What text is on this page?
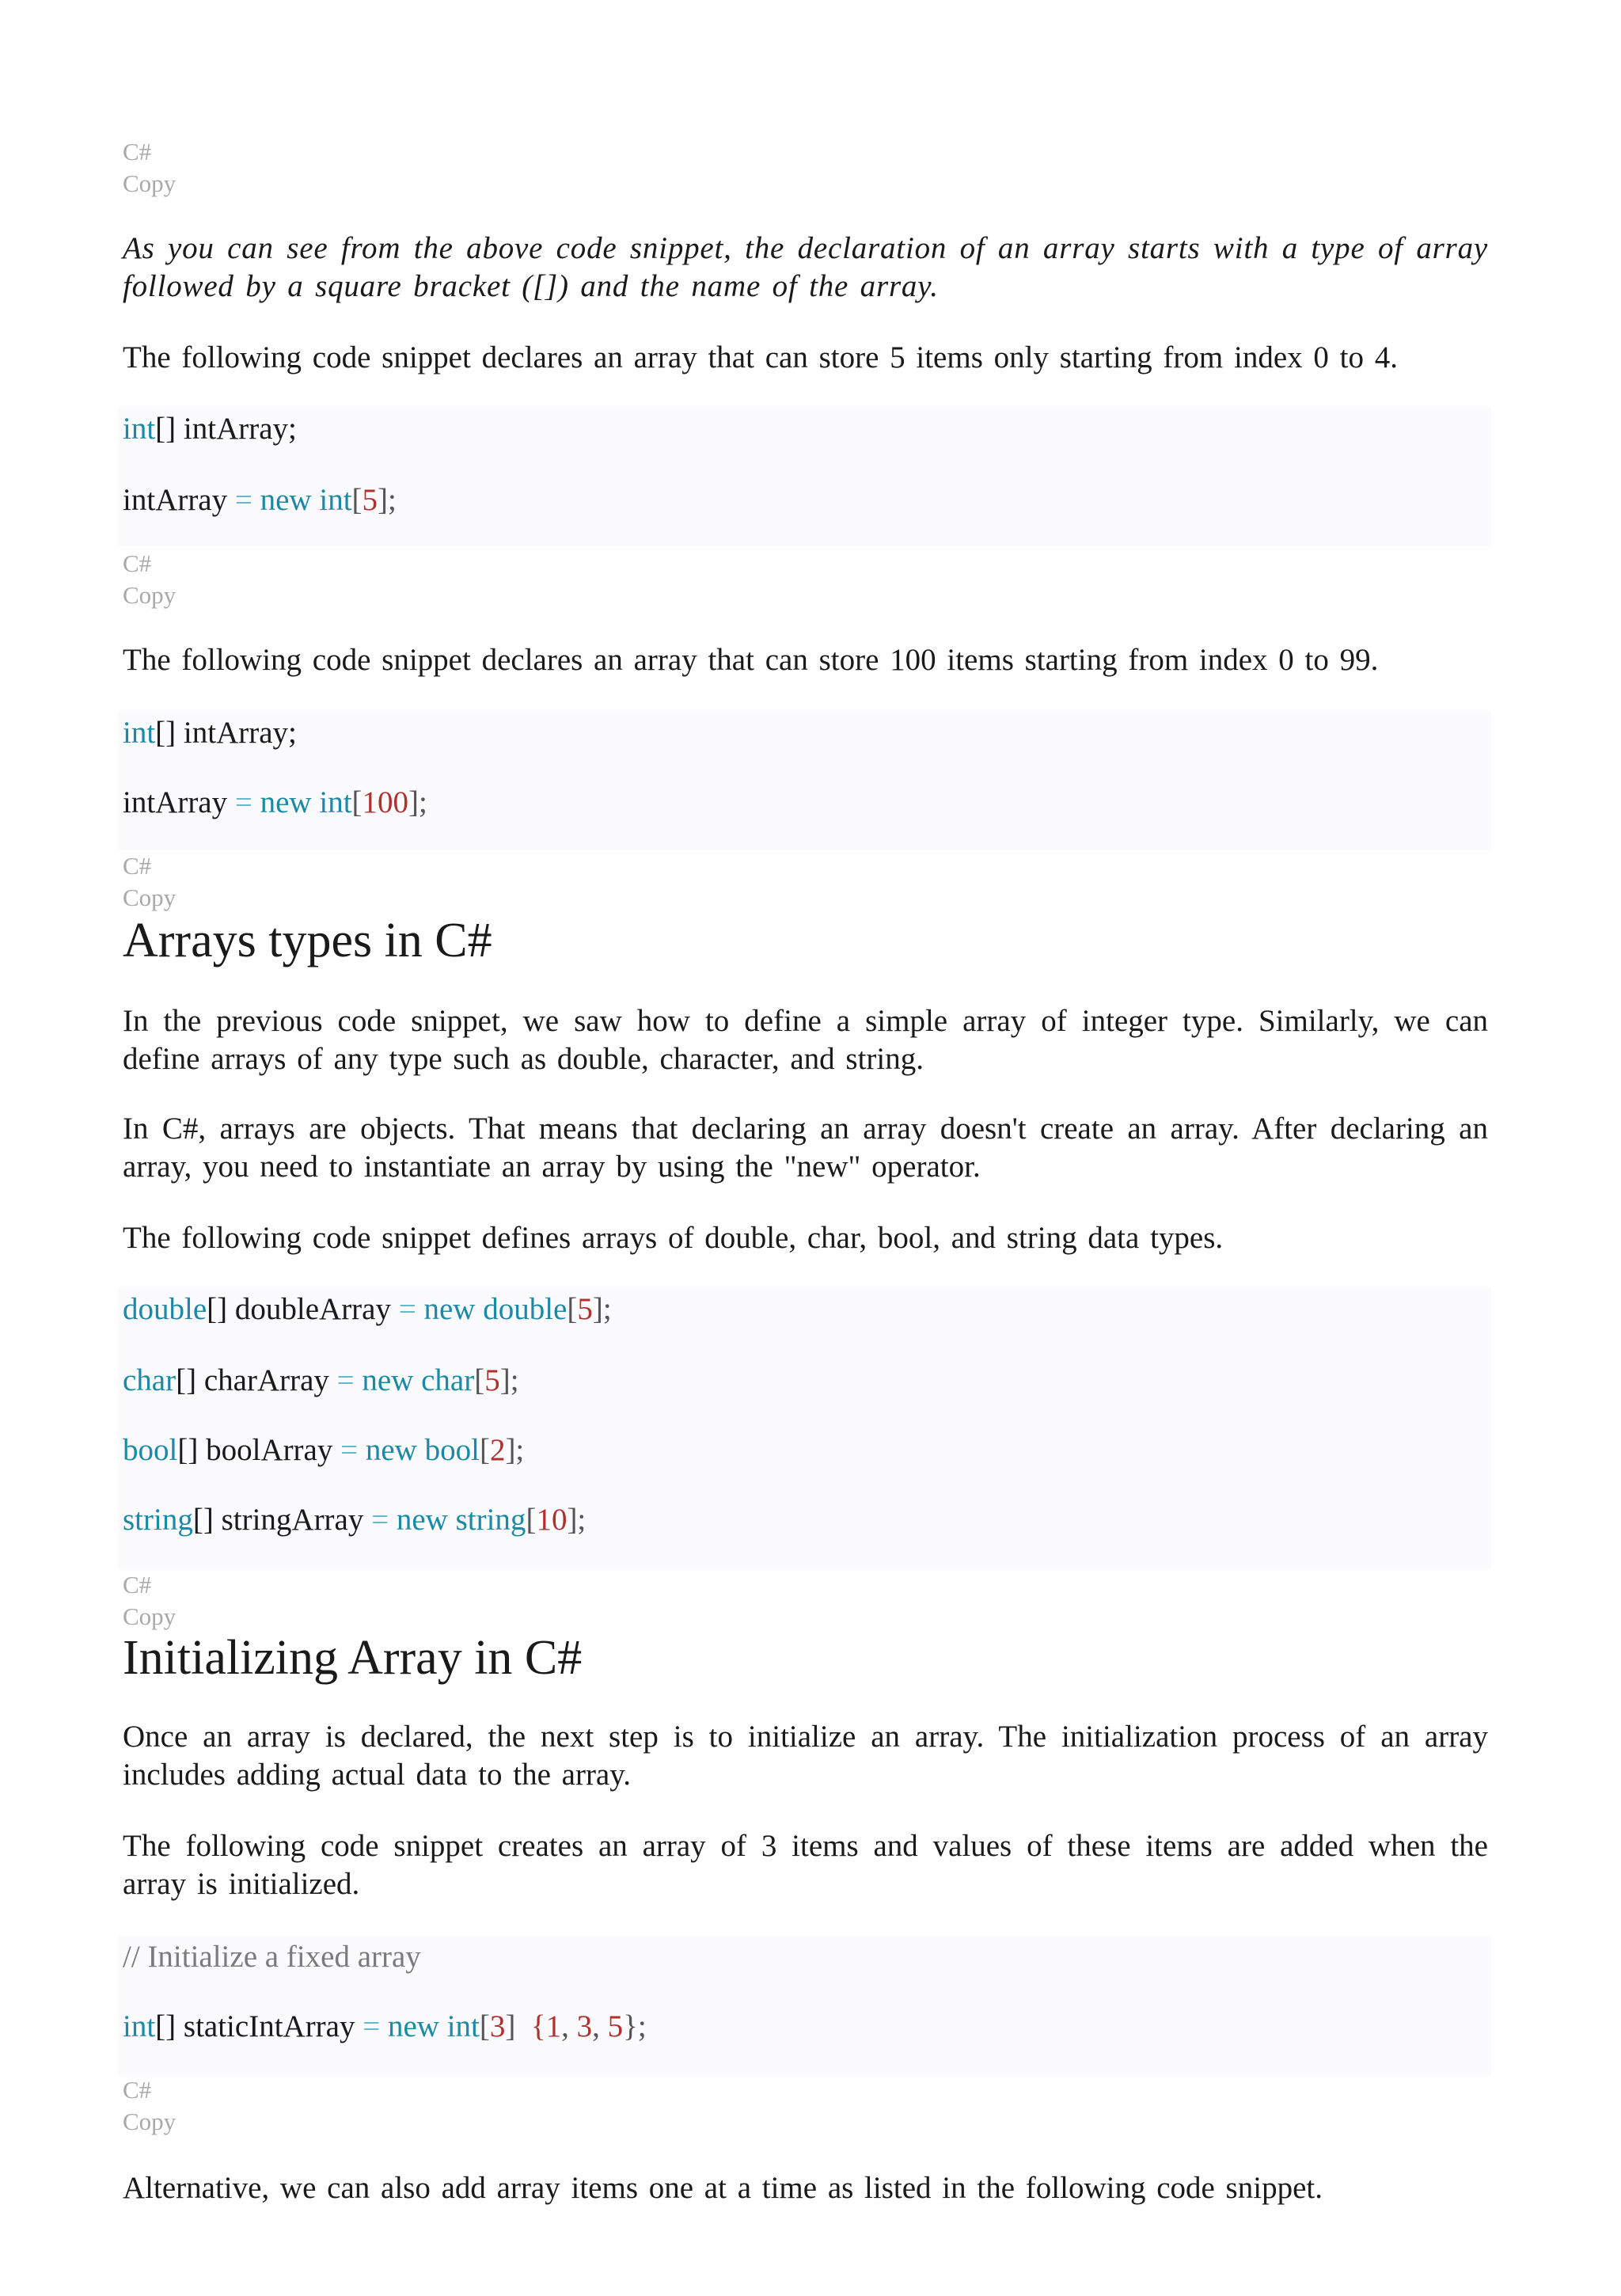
C#
Copy

As you can see from the above code snippet, the declaration of an array starts with a type of array followed by a square bracket ([]) and the name of the array.

The following code snippet declares an array that can store 5 items only starting from index 0 to 4.

int[] intArray;
intArray = new int[5];
C#
Copy

The following code snippet declares an array that can store 100 items starting from index 0 to 99.

int[] intArray;
intArray = new int[100];
C#
Copy
Arrays types in C#

In the previous code snippet, we saw how to define a simple array of integer type. Similarly, we can define arrays of any type such as double, character, and string.

In C#, arrays are objects. That means that declaring an array doesn't create an array. After declaring an array, you need to instantiate an array by using the "new" operator.

The following code snippet defines arrays of double, char, bool, and string data types.

double[] doubleArray = new double[5];
char[] charArray = new char[5];
bool[] boolArray = new bool[2];
string[] stringArray = new string[10];
C#
Copy
Initializing Array in C#

Once an array is declared, the next step is to initialize an array. The initialization process of an array includes adding actual data to the array.

The following code snippet creates an array of 3 items and values of these items are added when the array is initialized.

// Initialize a fixed array
int[] staticIntArray = new int[3] {1, 3, 5};
C#
Copy

Alternative, we can also add array items one at a time as listed in the following code snippet.
